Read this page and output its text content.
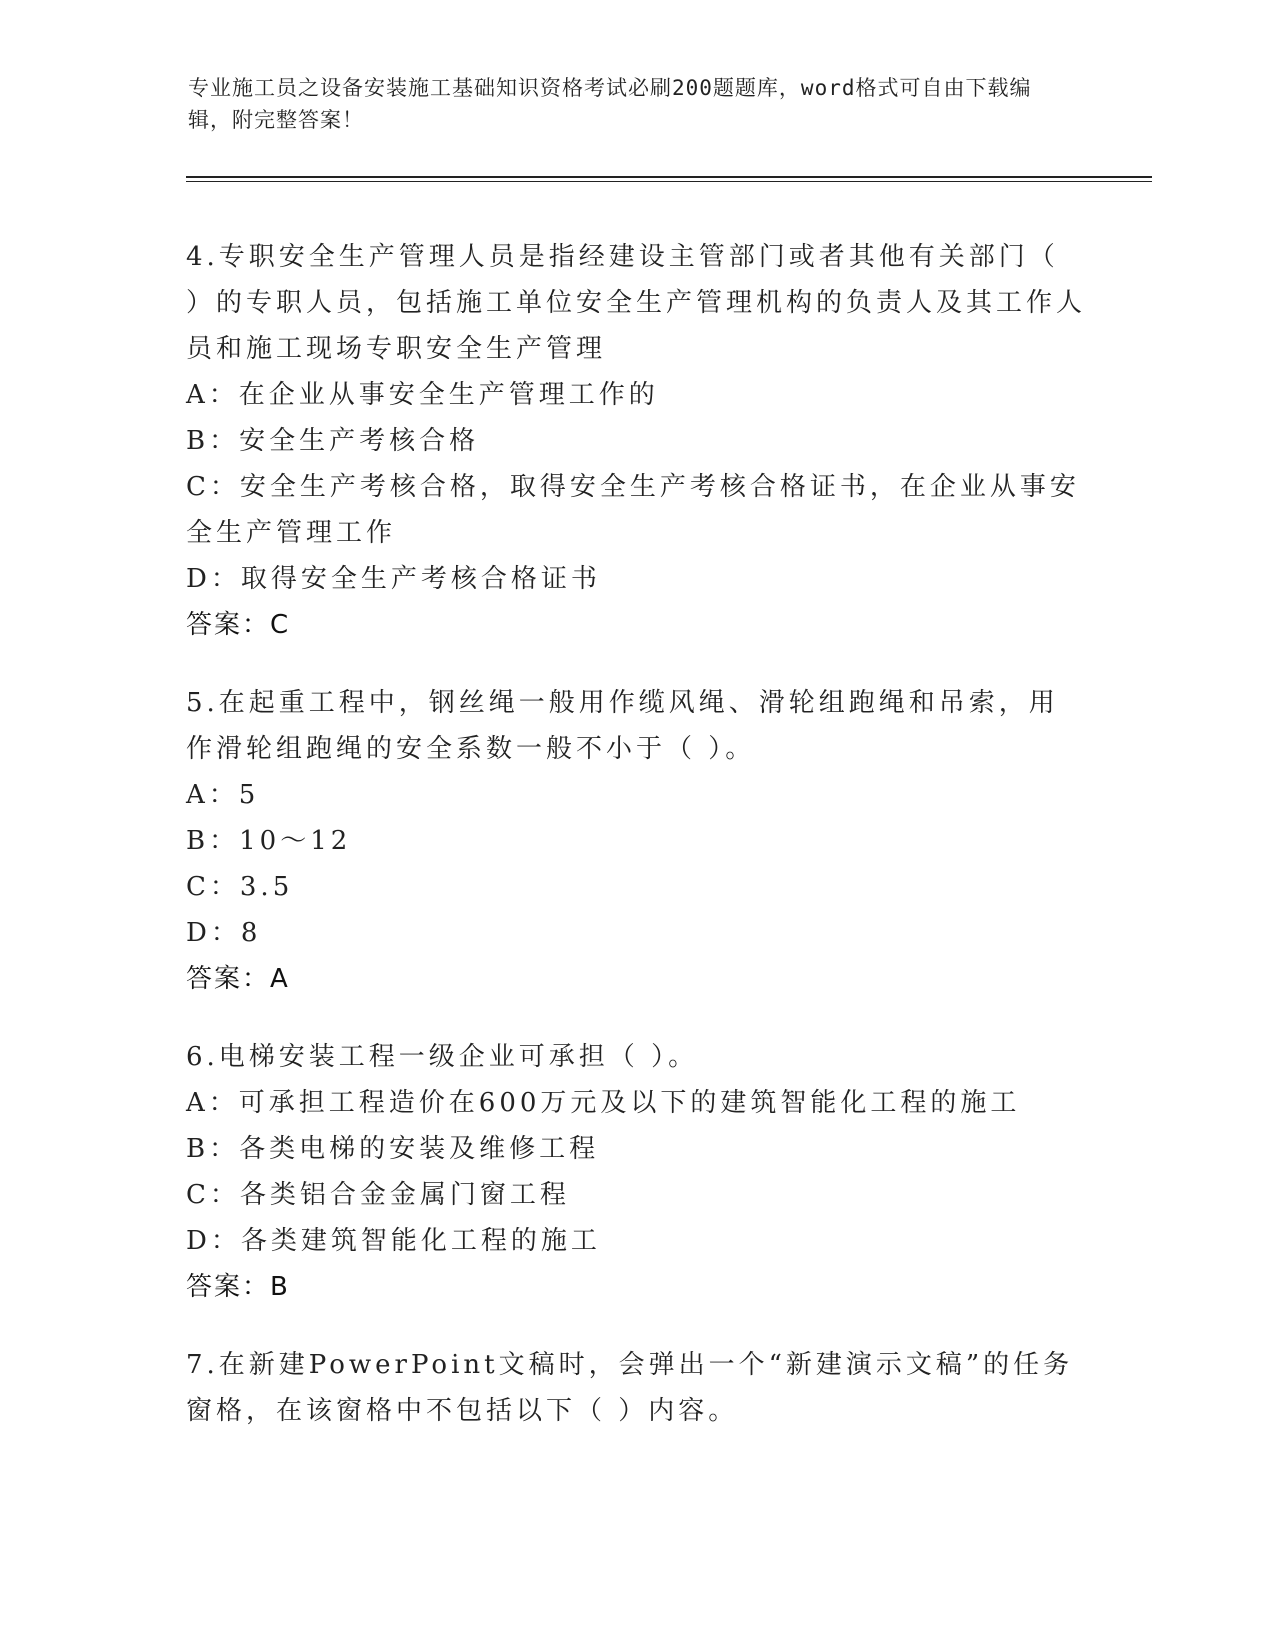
专业施工员之设备安装施工基础知识资格考试必刷200题题库，word格式可自由下载编辑，附完整答案！

4.专职安全生产管理人员是指经建设主管部门或者其他有关部门（ ）的专职人员，包括施工单位安全生产管理机构的负责人及其工作人员和施工现场专职安全生产管理

A：在企业从事安全生产管理工作的

B：安全生产考核合格

C：安全生产考核合格，取得安全生产考核合格证书，在企业从事安全生产管理工作

D：取得安全生产考核合格证书

答案：C

5.在起重工程中，钢丝绳一般用作缆风绳、滑轮组跑绳和吊索，用作滑轮组跑绳的安全系数一般不小于（ ）。

A：5

B：10～12

C：3.5

D：8

答案：A

6.电梯安装工程一级企业可承担（ ）。

A：可承担工程造价在600万元及以下的建筑智能化工程的施工

B：各类电梯的安装及维修工程

C：各类铝合金金属门窗工程

D：各类建筑智能化工程的施工

答案：B

7.在新建PowerPoint文稿时，会弹出一个“新建演示文稿”的任务窗格，在该窗格中不包括以下（ ）内容。
